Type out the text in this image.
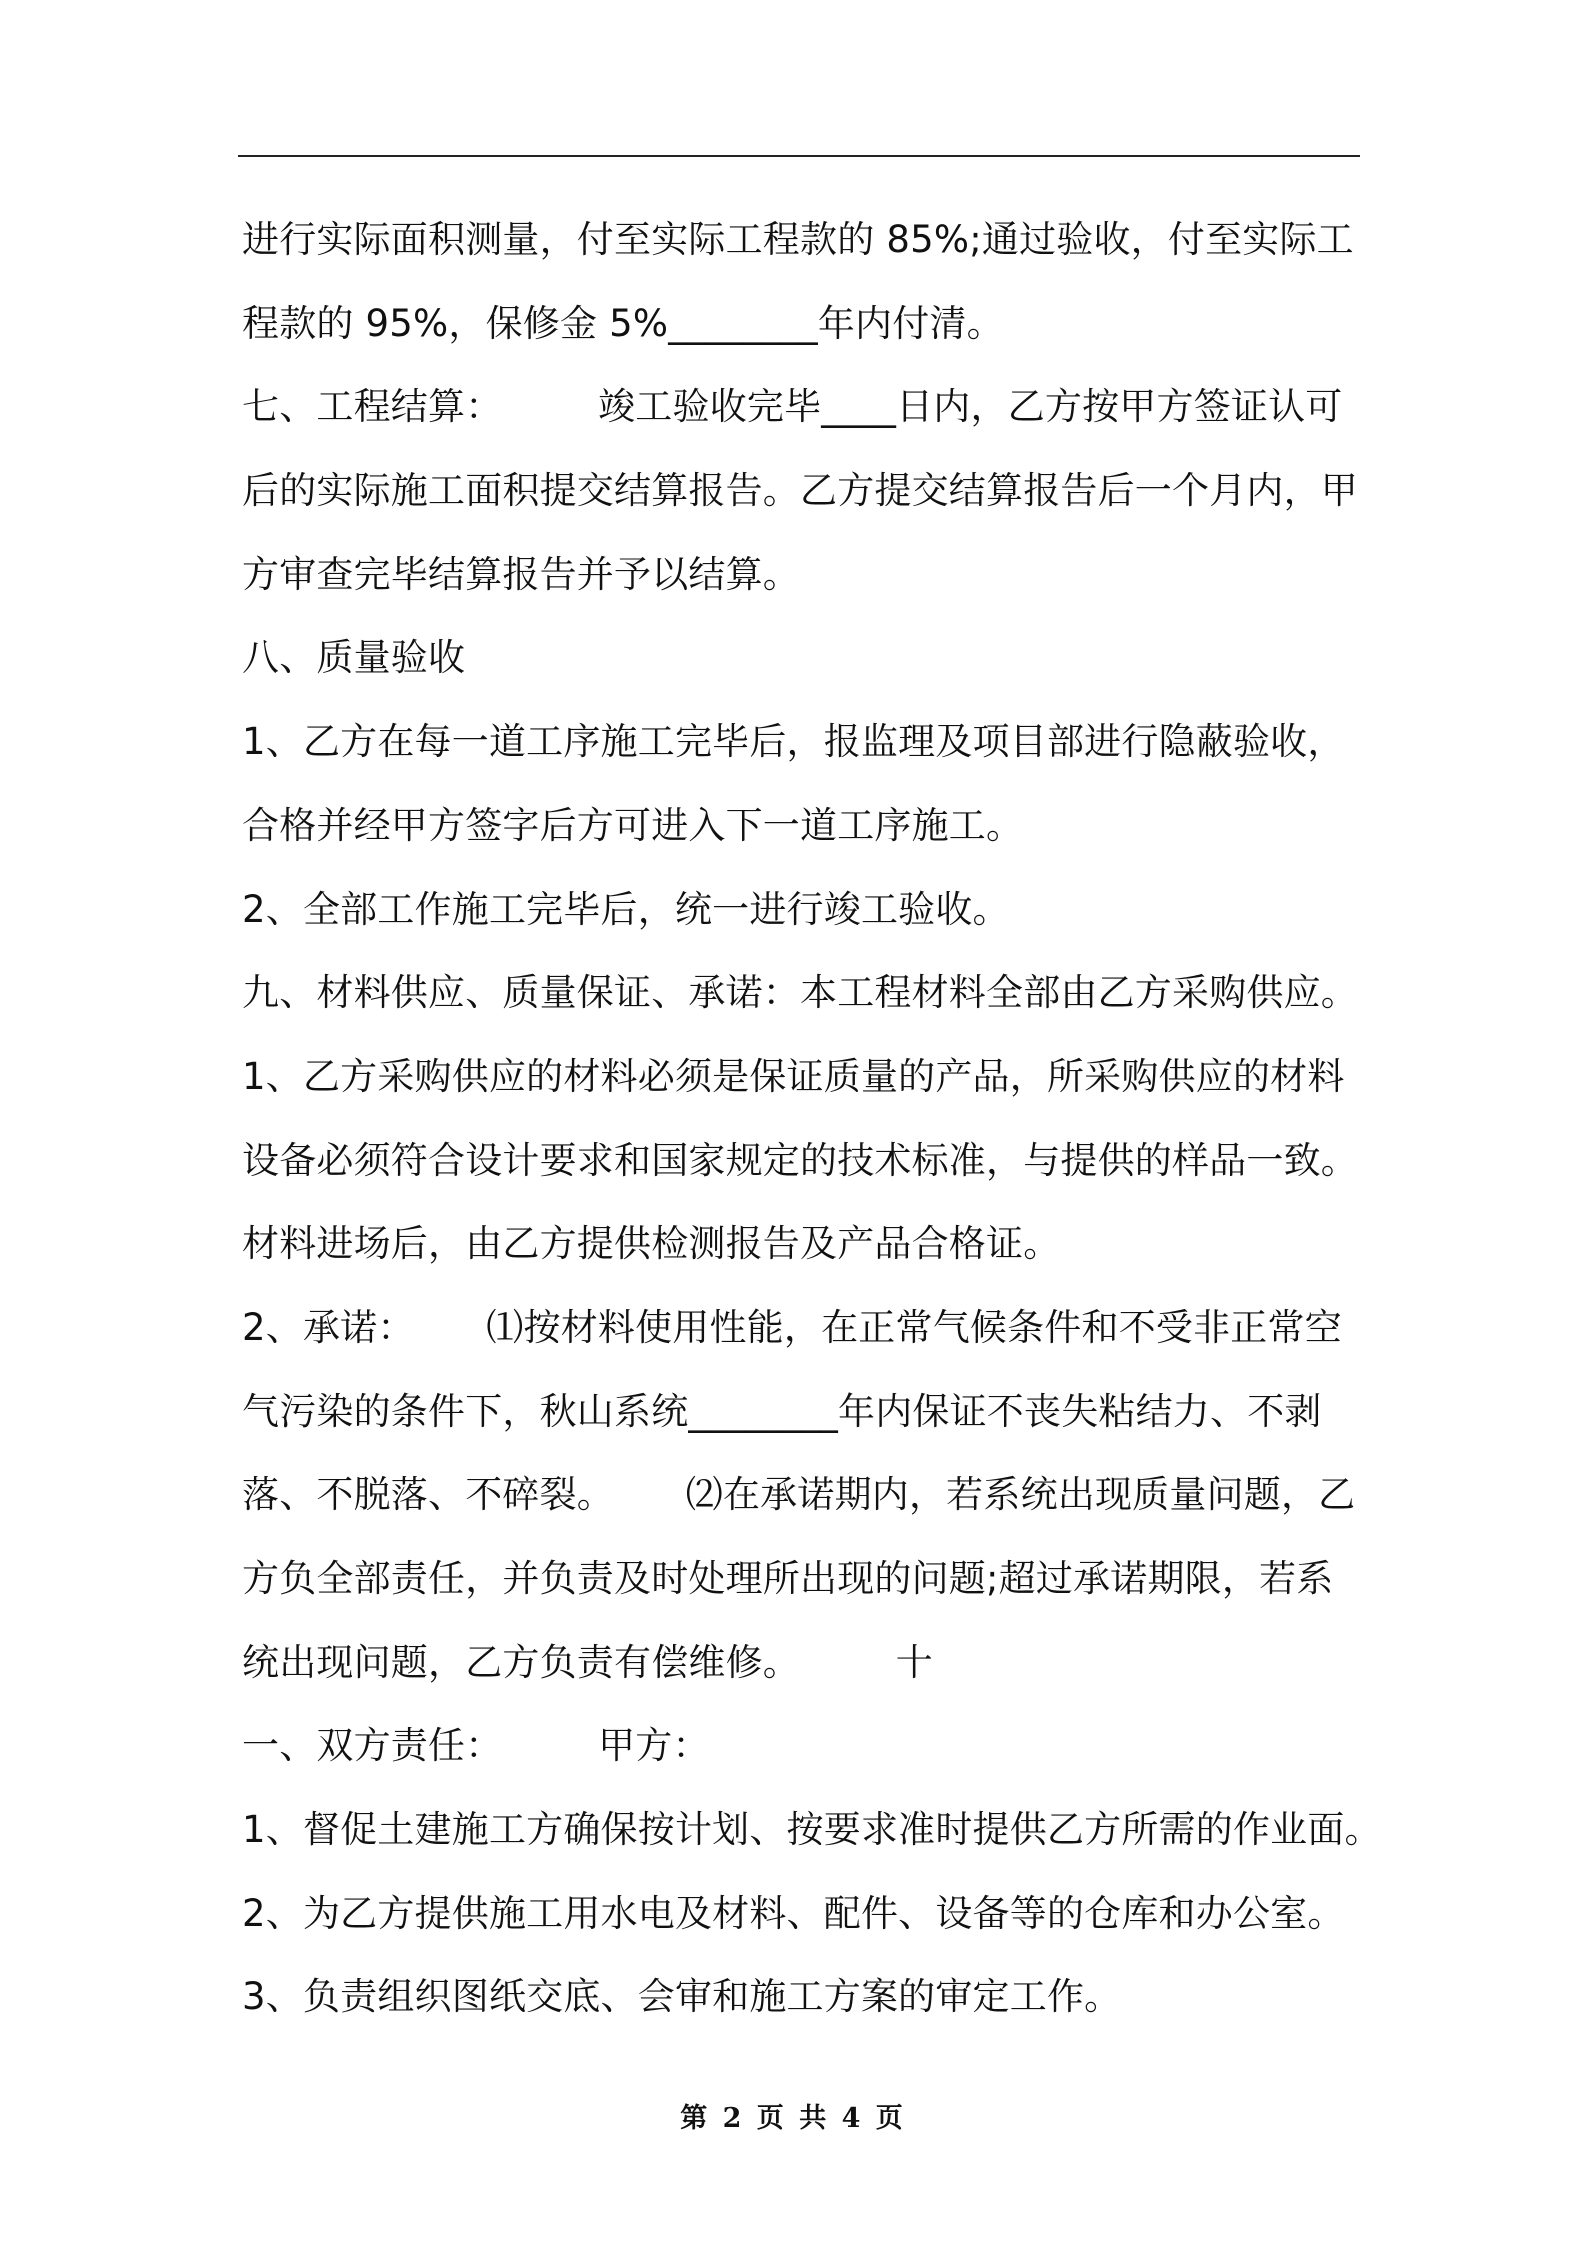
进行实际面积测量，付至实际工程款的 85%;通过验收，付至实际工
程款的 95%，保修金 5%________年内付清。
七、工程结算：        竣工验收完毕____日内，乙方按甲方签证认可
后的实际施工面积提交结算报告。乙方提交结算报告后一个月内，甲
方审查完毕结算报告并予以结算。
八、质量验收
1、乙方在每一道工序施工完毕后，报监理及项目部进行隐蔽验收，
合格并经甲方签字后方可进入下一道工序施工。
2、全部工作施工完毕后，统一进行竣工验收。
九、材料供应、质量保证、承诺：本工程材料全部由乙方采购供应。
1、乙方采购供应的材料必须是保证质量的产品，所采购供应的材料
设备必须符合设计要求和国家规定的技术标准，与提供的样品一致。
材料进场后，由乙方提供检测报告及产品合格证。
2、承诺：      ⑴按材料使用性能，在正常气候条件和不受非正常空
气污染的条件下，秋山系统________年内保证不丧失粘结力、不剥
落、不脱落、不碎裂。      ⑵在承诺期内，若系统出现质量问题，乙
方负全部责任，并负责及时处理所出现的问题;超过承诺期限，若系
统出现问题，乙方负责有偿维修。        十
一、双方责任：        甲方：
1、督促土建施工方确保按计划、按要求准时提供乙方所需的作业面。
2、为乙方提供施工用水电及材料、配件、设备等的仓库和办公室。
3、负责组织图纸交底、会审和施工方案的审定工作。
第 2 页 共 4 页
